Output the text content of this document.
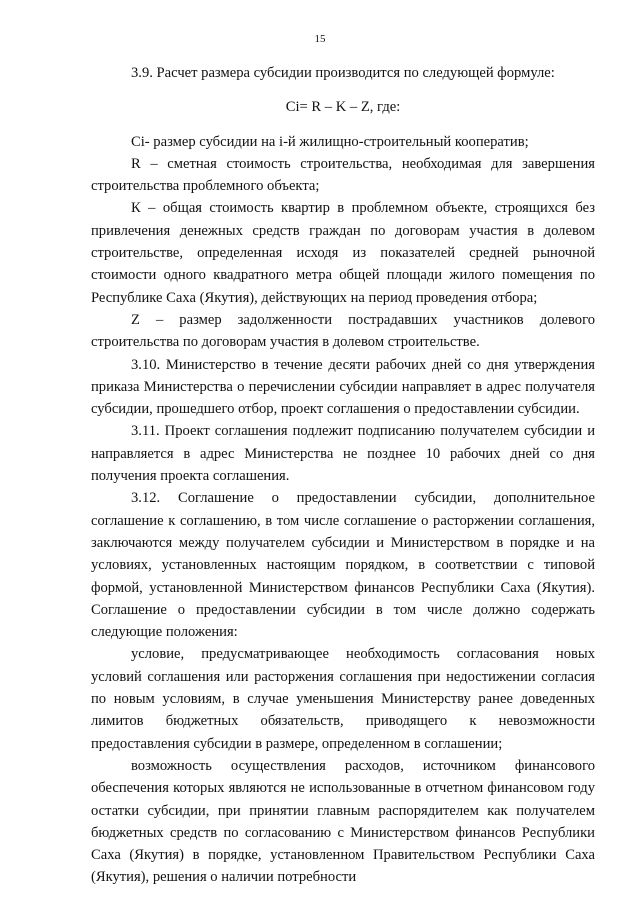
15

3.9. Расчет размера субсидии производится по следующей формуле:

Ci= R – K – Z, где:

Ci- размер субсидии на i-й жилищно-строительный кооператив;

R – сметная стоимость строительства, необходимая для завершения строительства проблемного объекта;

К – общая стоимость квартир в проблемном объекте, строящихся без привлечения денежных средств граждан по договорам участия в долевом строительстве, определенная исходя из показателей средней рыночной стоимости одного квадратного метра общей площади жилого помещения по Республике Саха (Якутия), действующих на период проведения отбора;

Z – размер задолженности пострадавших участников долевого строительства по договорам участия в долевом строительстве.

3.10. Министерство в течение десяти рабочих дней со дня утверждения приказа Министерства о перечислении субсидии направляет в адрес получателя субсидии, прошедшего отбор, проект соглашения о предоставлении субсидии.

3.11. Проект соглашения подлежит подписанию получателем субсидии и направляется в адрес Министерства не позднее 10 рабочих дней со дня получения проекта соглашения.

3.12. Соглашение о предоставлении субсидии, дополнительное соглашение к соглашению, в том числе соглашение о расторжении соглашения, заключаются между получателем субсидии и Министерством в порядке и на условиях, установленных настоящим порядком, в соответствии с типовой формой, установленной Министерством финансов Республики Саха (Якутия). Соглашение о предоставлении субсидии в том числе должно содержать следующие положения:

условие, предусматривающее необходимость согласования новых условий соглашения или расторжения соглашения при недостижении согласия по новым условиям, в случае уменьшения Министерству ранее доведенных лимитов бюджетных обязательств, приводящего к невозможности предоставления субсидии в размере, определенном в соглашении;

возможность осуществления расходов, источником финансового обеспечения которых являются не использованные в отчетном финансовом году остатки субсидии, при принятии главным распорядителем как получателем бюджетных средств по согласованию с Министерством финансов Республики Саха (Якутия) в порядке, установленном Правительством Республики Саха (Якутия), решения о наличии потребности
